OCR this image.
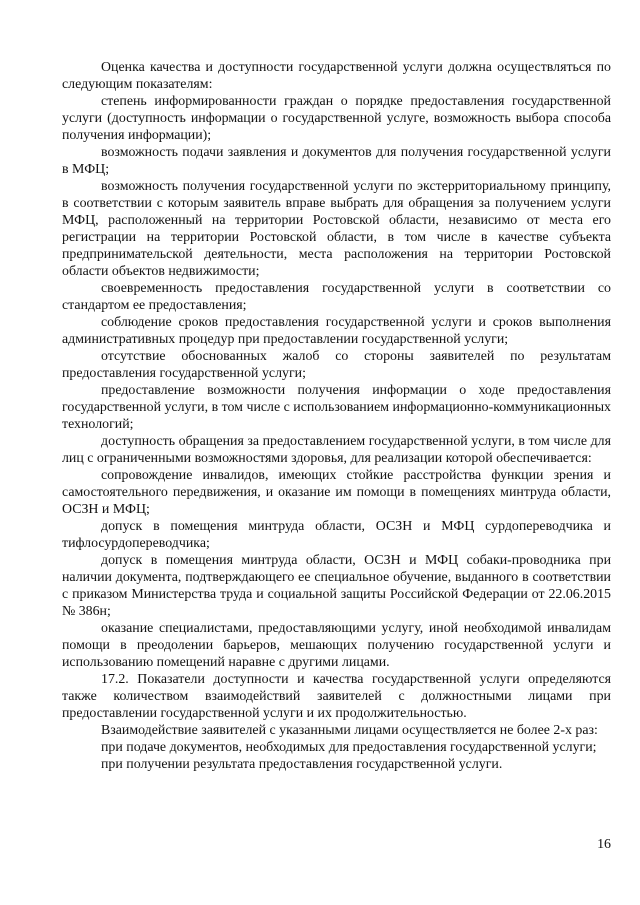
Оценка качества и доступности государственной услуги должна осуществляться по следующим показателям:

степень информированности граждан о порядке предоставления государственной услуги (доступность информации о государственной услуге, возможность выбора способа получения информации);

возможность подачи заявления и документов для получения государственной услуги в МФЦ;

возможность получения государственной услуги по экстерриториальному принципу, в соответствии с которым заявитель вправе выбрать для обращения за получением услуги МФЦ, расположенный на территории Ростовской области, независимо от места его регистрации на территории Ростовской области, в том числе в качестве субъекта предпринимательской деятельности, места расположения на территории Ростовской области объектов недвижимости;

своевременность предоставления государственной услуги в соответствии со стандартом ее предоставления;

соблюдение сроков предоставления государственной услуги и сроков выполнения административных процедур при предоставлении государственной услуги;

отсутствие обоснованных жалоб со стороны заявителей по результатам предоставления государственной услуги;

предоставление возможности получения информации о ходе предоставления государственной услуги, в том числе с использованием информационно-коммуникационных технологий;

доступность обращения за предоставлением государственной услуги, в том числе для лиц с ограниченными возможностями здоровья, для реализации которой обеспечивается:

сопровождение инвалидов, имеющих стойкие расстройства функции зрения и самостоятельного передвижения, и оказание им помощи в помещениях минтруда области, ОСЗН и МФЦ;

допуск в помещения минтруда области, ОСЗН и МФЦ сурдопереводчика и тифлосурдопереводчика;

допуск в помещения минтруда области, ОСЗН и МФЦ собаки-проводника при наличии документа, подтверждающего ее специальное обучение, выданного в соответствии с приказом Министерства труда и социальной защиты Российской Федерации от 22.06.2015 № 386н;

оказание специалистами, предоставляющими услугу, иной необходимой инвалидам помощи в преодолении барьеров, мешающих получению государственной услуги и использованию помещений наравне с другими лицами.

17.2. Показатели доступности и качества государственной услуги определяются также количеством взаимодействий заявителей с должностными лицами при предоставлении государственной услуги и их продолжительностью.

Взаимодействие заявителей с указанными лицами осуществляется не более 2-х раз:

при подаче документов, необходимых для предоставления государственной услуги;

при получении результата предоставления государственной услуги.

16
